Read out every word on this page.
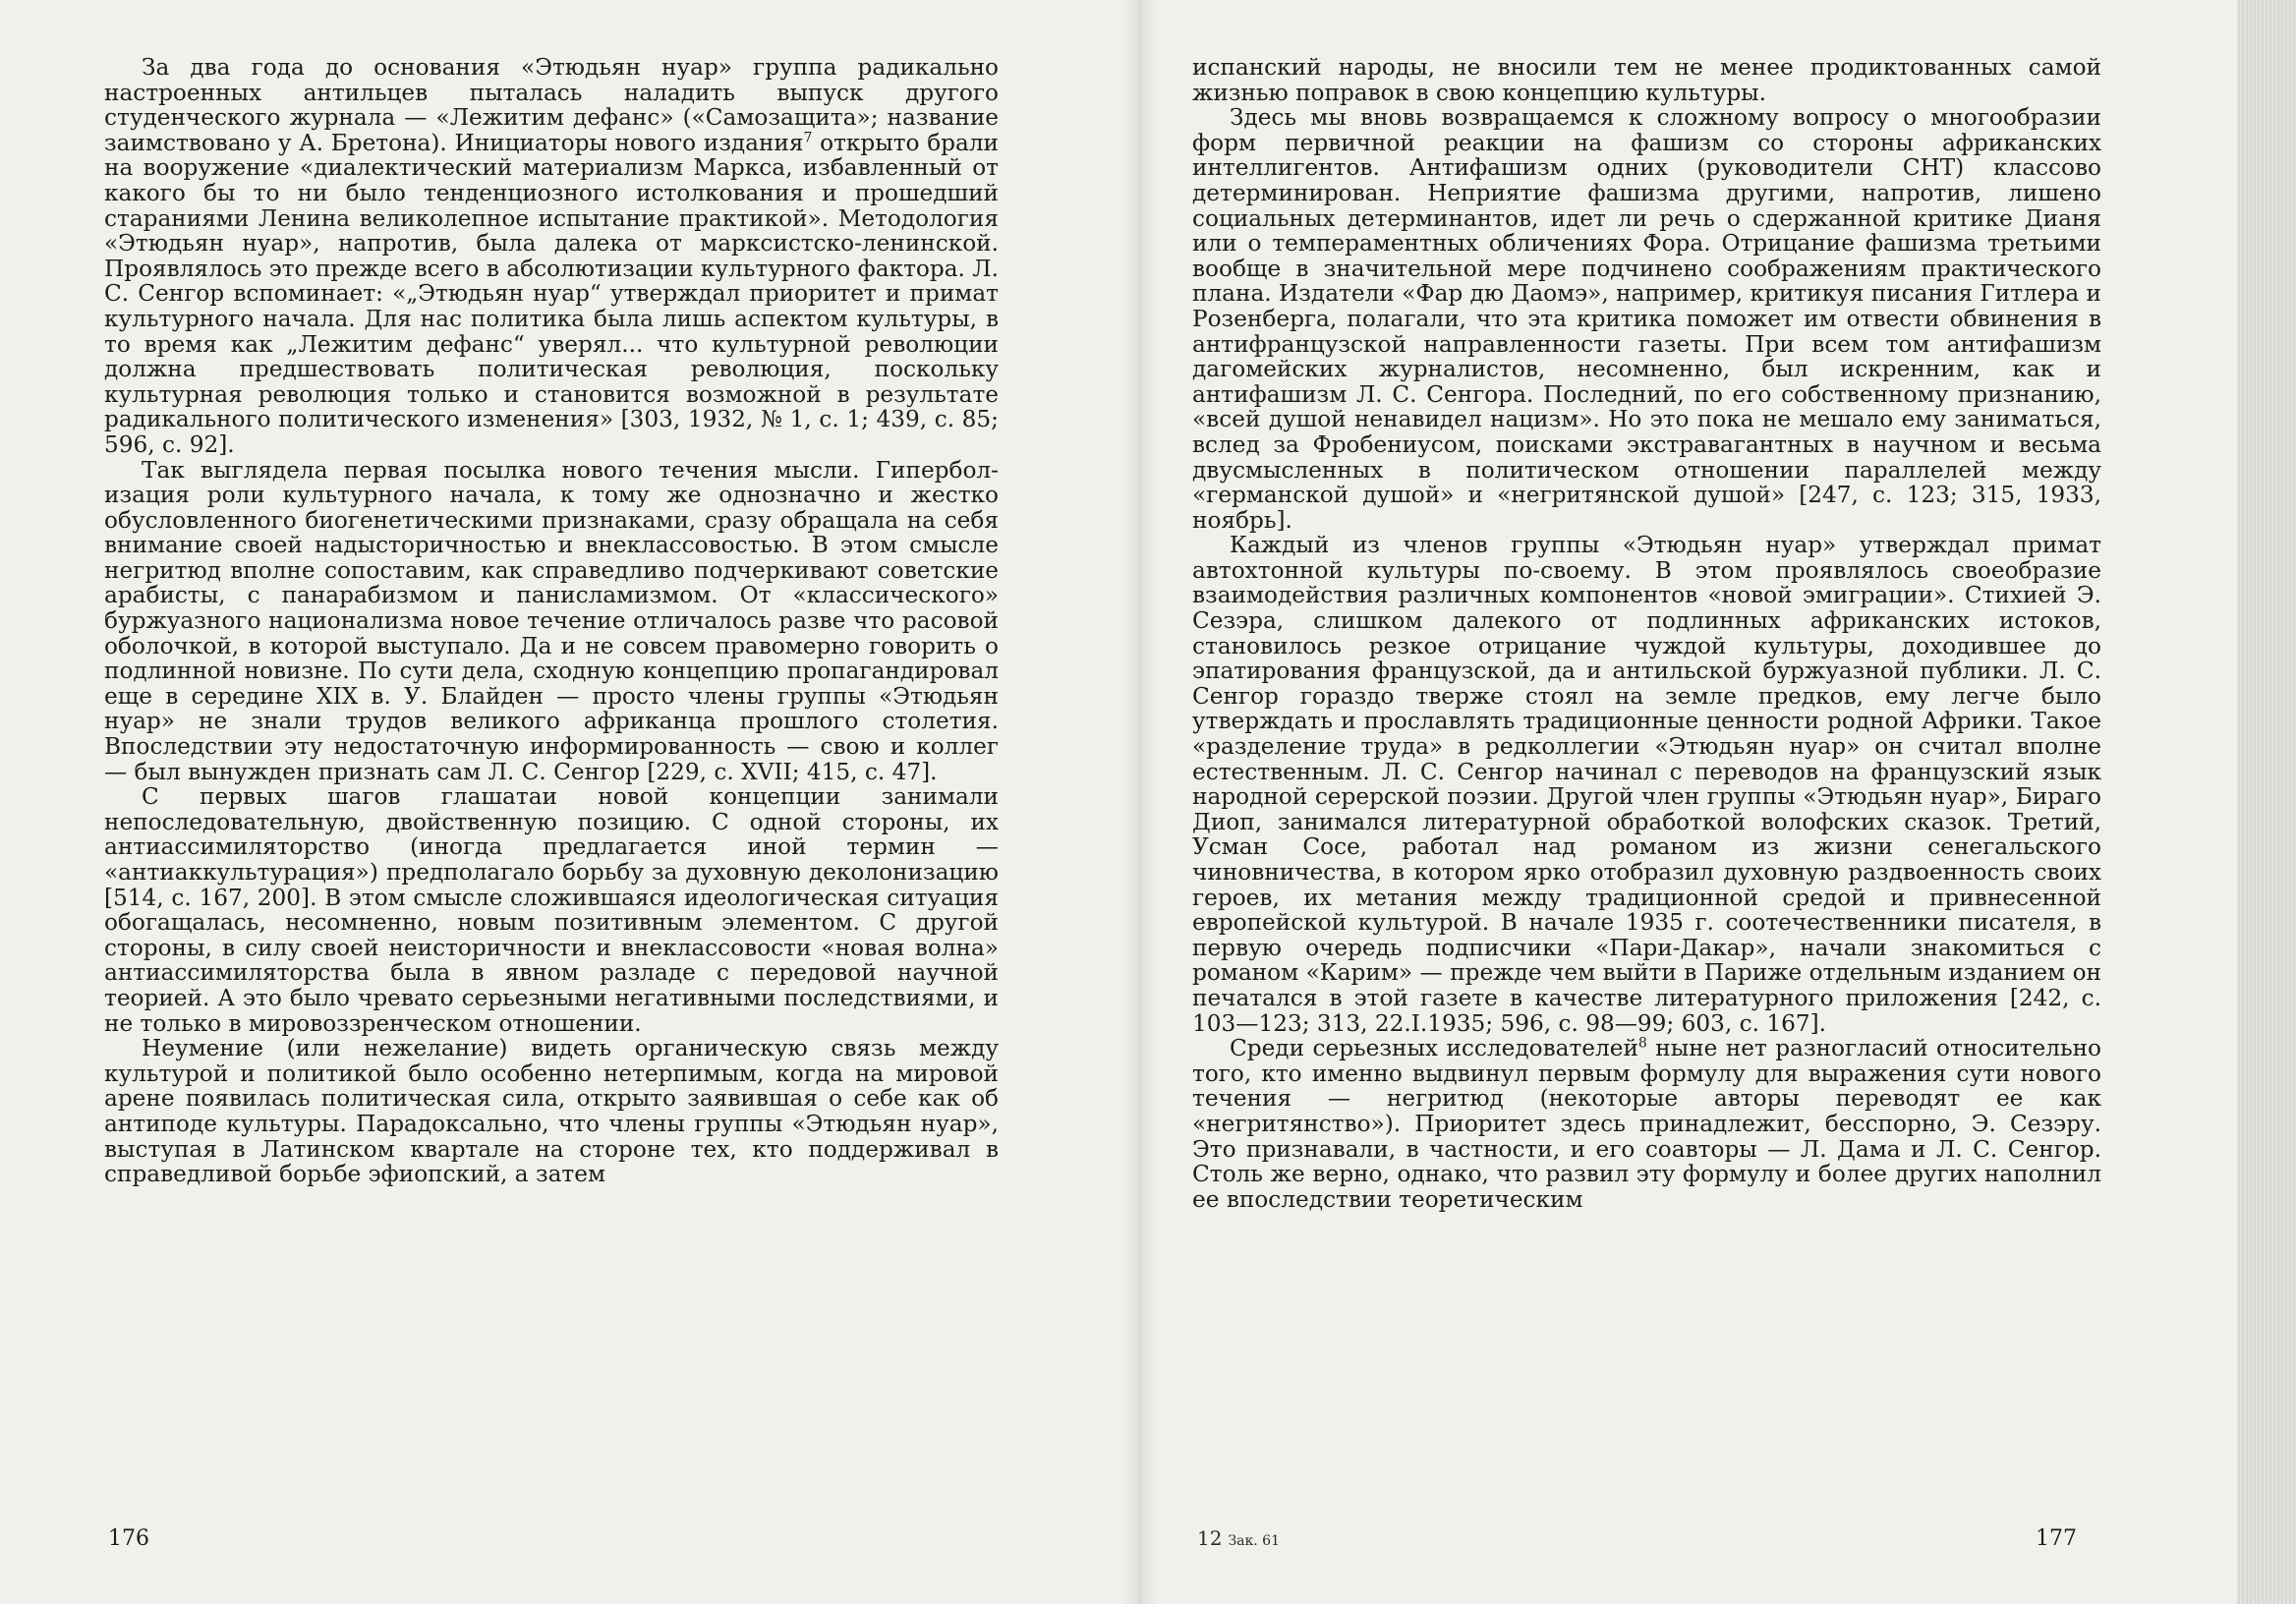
За два года до основания «Этюдьян нуар» группа радикально настроенных антильцев пыталась наладить выпуск другого студенческого журнала — «Лежитим дефанс» («Самозащита»; название заимствовано у А. Бретона). Инициаторы нового издания$^7$ открыто брали на вооружение «диалектический материализм Маркса, избавленный от какого бы то ни было тенденциозного истолкования и прошедший стараниями Ленина великолепное испытание практикой». Методология «Этюдьян нуар», напротив, была далека от марксистско-ленинской. Проявлялось это прежде всего в абсолютизации культурного фактора. Л. С. Сенгор вспоминает: «„Этюдьян нуар“ утверждал приоритет и примат культурного начала. Для нас политика была лишь аспектом культуры, в то время как „Лежитим дефанс“ уверял... что культурной революции должна предшествовать политическая революция, поскольку культурная революция только и становится возможной в результате радикального политического изменения» [303, 1932, № 1, с. 1; 439, с. 85; 596, с. 92].

Так выглядела первая посылка нового течения мысли. Гиперболизация роли культурного начала, к тому же однозначно и жестко обусловленного биогенетическими признаками, сразу обращала на себя внимание своей надысторичностью и внеклассовостью. В этом смысле негритюд вполне сопоставим, как справедливо подчеркивают советские арабисты, с панарабизмом и панисламизмом. От «классического» буржуазного национализма новое течение отличалось разве что расовой оболочкой, в которой выступало. Да и не совсем правомерно говорить о подлинной новизне. По сути дела, сходную концепцию пропагандировал еще в середине XIX в. У. Блайден — просто члены группы «Этюдьян нуар» не знали трудов великого африканца прошлого столетия. Впоследствии эту недостаточную информированность — свою и коллег — был вынужден признать сам Л. С. Сенгор [229, с. XVII; 415, с. 47].

С первых шагов глашатаи новой концепции занимали непоследовательную, двойственную позицию. С одной стороны, их антиассимиляторство (иногда предлагается иной термин — «антиаккультурация») предполагало борьбу за духовную деколонизацию [514, с. 167, 200]. В этом смысле сложившаяся идеологическая ситуация обогащалась, несомненно, новым позитивным элементом. С другой стороны, в силу своей неисторичности и внеклассовости «новая волна» антиассимиляторства была в явном разладе с передовой научной теорией. А это было чревато серьезными негативными последствиями, и не только в мировоззренческом отношении.

Неумение (или нежелание) видеть органическую связь между культурой и политикой было особенно нетерпимым, когда на мировой арене появилась политическая сила, открыто заявившая о себе как об антиподе культуры. Парадоксально, что члены группы «Этюдьян нуар», выступая в Латинском квартале на стороне тех, кто поддерживал в справедливой борьбе эфиопский, а затем

испанский народы, не вносили тем не менее продиктованных самой жизнью поправок в свою концепцию культуры.

Здесь мы вновь возвращаемся к сложному вопросу о многообразии форм первичной реакции на фашизм со стороны африканских интеллигентов. Антифашизм одних (руководители СНТ) классово детерминирован. Неприятие фашизма другими, напротив, лишено социальных детерминантов, идет ли речь о сдержанной критике Дианя или о темпераментных обличениях Фора. Отрицание фашизма третьими вообще в значительной мере подчинено соображениям практического плана. Издатели «Фар дю Даомэ», например, критикуя писания Гитлера и Розенберга, полагали, что эта критика поможет им отвести обвинения в антифранцузской направленности газеты. При всем том антифашизм дагомейских журналистов, несомненно, был искренним, как и антифашизм Л. С. Сенгора. Последний, по его собственному признанию, «всей душой ненавидел нацизм». Но это пока не мешало ему заниматься, вслед за Фробениусом, поисками экстравагантных в научном и весьма двусмысленных в политическом отношении параллелей между «германской душой» и «негритянской душой» [247, с. 123; 315, 1933, ноябрь].

Каждый из членов группы «Этюдьян нуар» утверждал примат автохтонной культуры по-своему. В этом проявлялось своеобразие взаимодействия различных компонентов «новой эмиграции». Стихией Э. Сезэра, слишком далекого от подлинных африканских истоков, становилось резкое отрицание чуждой культуры, доходившее до эпатирования французской, да и антильской буржуазной публики. Л. С. Сенгор гораздо тверже стоял на земле предков, ему легче было утверждать и прославлять традиционные ценности родной Африки. Такое «разделение труда» в редколлегии «Этюдьян нуар» он считал вполне естественным. Л. С. Сенгор начинал с переводов на французский язык народной серерской поэзии. Другой член группы «Этюдьян нуар», Бираго Диоп, занимался литературной обработкой волофских сказок. Третий, Усман Сосе, работал над романом из жизни сенегальского чиновничества, в котором ярко отобразил духовную раздвоенность своих героев, их метания между традиционной средой и привнесенной европейской культурой. В начале 1935 г. соотечественники писателя, в первую очередь подписчики «Пари-Дакар», начали знакомиться с романом «Карим» — прежде чем выйти в Париже отдельным изданием он печатался в этой газете в качестве литературного приложения [242, с. 103—123; 313, 22.I.1935; 596, с. 98—99; 603, с. 167].

Среди серьезных исследователей$^8$ ныне нет разногласий относительно того, кто именно выдвинул первым формулу для выражения сути нового течения — негритюд (некоторые авторы переводят ее как «негритянство»). Приоритет здесь принадлежит, бесспорно, Э. Сезэру. Это признавали, в частности, и его соавторы — Л. Дама и Л. С. Сенгор. Столь же верно, однако, что развил эту формулу и более других наполнил ее впоследствии теоретическим

176	12 Зак. 61	177
